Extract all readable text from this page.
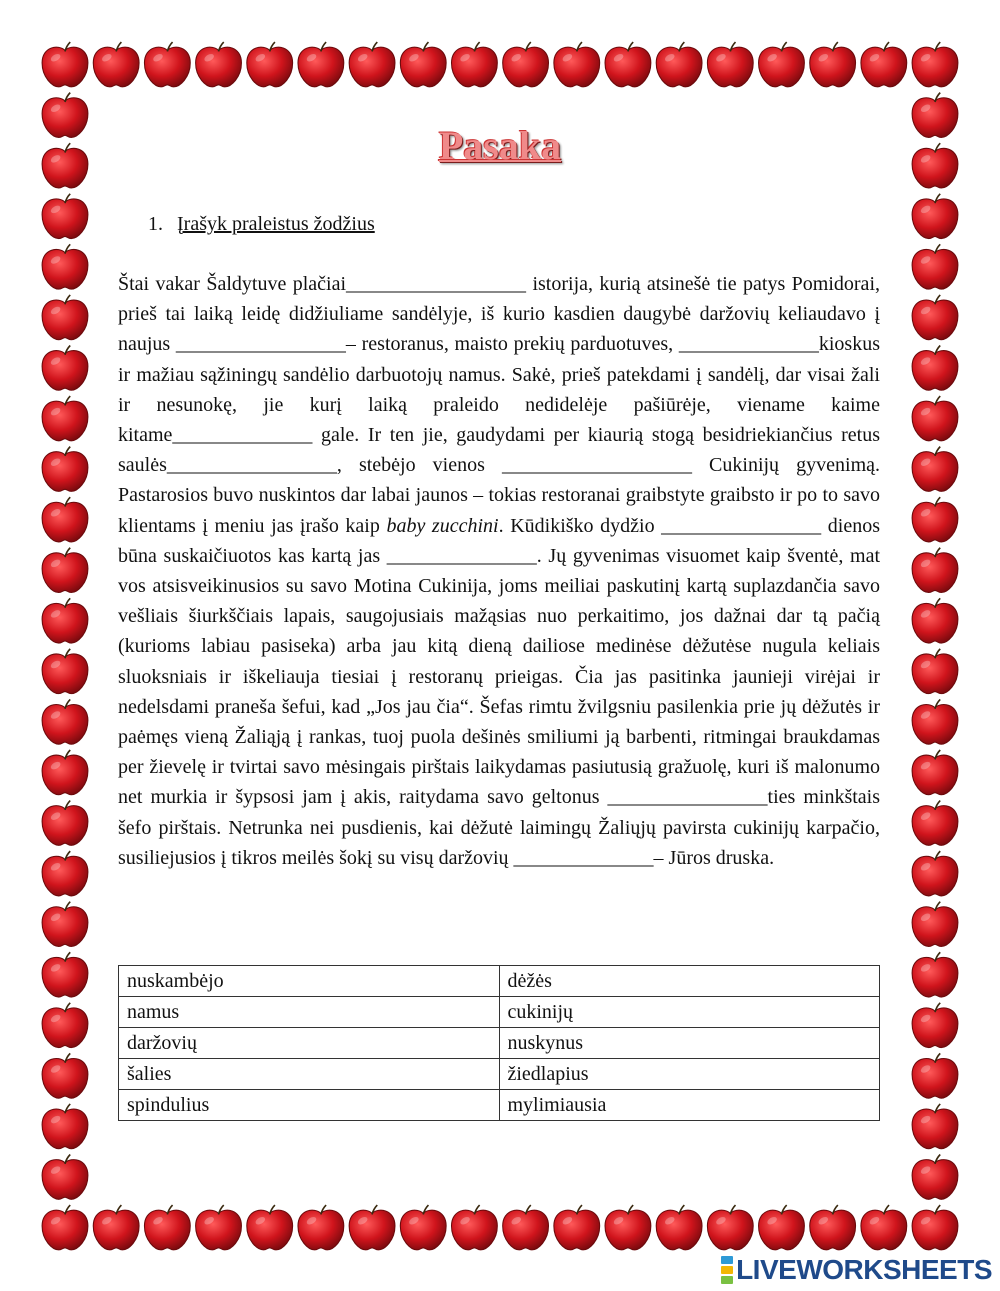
Pasaka
1. Įrašyk praleistus žodžius
Štai vakar Šaldytuve plačiai__________________ istorija, kurią atsinešė tie patys Pomidorai, prieš tai laiką leidę didžiuliame sandėlyje, iš kurio kasdien daugybė daržovių keliaudavo į naujus _________________– restoranus, maisto prekių parduotuves, ______________kioskus ir mažiau sąžiningų sandėlio darbuotojų namus. Sakė, prieš patekdami į sandėlį, dar visai žali ir nesunokę, jie kurį laiką praleido nedidelėje pašiūrėje, viename kaime kitame______________ gale. Ir ten jie, gaudydami per kiaurią stogą besidriekiančius retus saulės_________________, stebėjo vienos ___________________ Cukinijų gyvenimą. Pastarosios buvo nuskintos dar labai jaunos – tokias restoranai graibstyte graibsto ir po to savo klientams į meniu jas įrašo kaip baby zucchini. Kūdikiško dydžio ________________ dienos būna suskaičiuotos kas kartą jas _______________. Jų gyvenimas visuomet kaip šventė, mat vos atsisveikinusios su savo Motina Cukinija, joms meiliai paskutinį kartą suplazdančia savo vešliais šiurkščiais lapais, saugojusiais mažąsias nuo perkaitimo, jos dažnai dar tą pačią (kurioms labiau pasiseka) arba jau kitą dieną dailiose medinėse dėžutėse nugula keliais sluoksniais ir iškeliauja tiesiai į restoranų prieigas. Čia jas pasitinka jaunieji virėjai ir nedelsdami praneša šefui, kad „Jos jau čia“. Šefas rimtu žvilgsniu pasilenkia prie jų dėžutės ir paėmęs vieną Žaliąją į rankas, tuoj puola dešinės smiliumi ją barbenti, ritmingai braukdamas per žievelę ir tvirtai savo mėsingais pirštais laikydamas pasiutusią gražuolę, kuri iš malonumo net murkia ir šypsosi jam į akis, raitydama savo geltonus ________________ties minkštais šefo pirštais. Netrunka nei pusdienis, kai dėžutė laimingų Žaliųjų pavirsta cukinijų karpačio, susiliejusios į tikros meilės šokį su visų daržovių ______________– Jūros druska.
nuskambėjo	dėžės
namus	cukinijų
daržovių	nuskynus
šalies	žiedlapius
spindulius	mylimiausia
LIVEWORKSHEETS
